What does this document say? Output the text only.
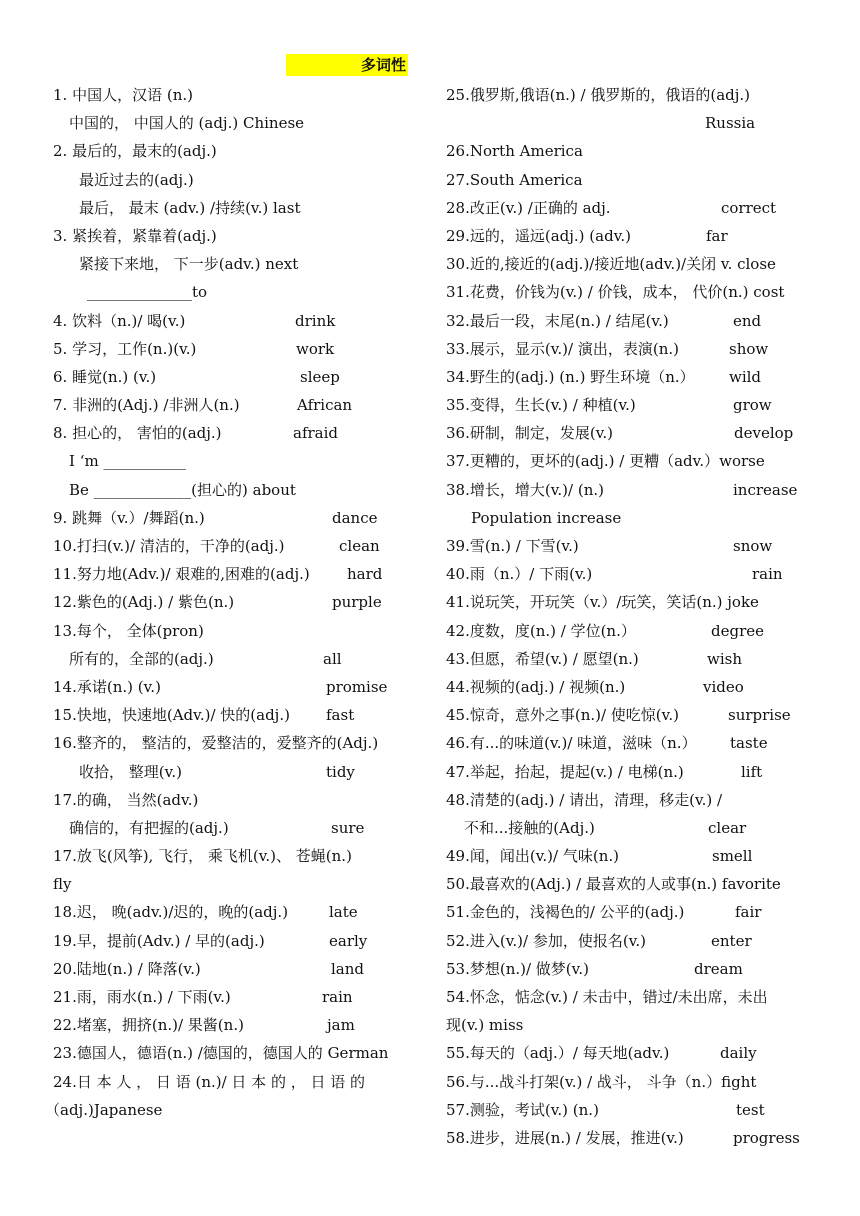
多词性
1. 中国人，汉语 (n.)
中国的， 中国人的 (adj.) Chinese
2. 最后的，最末的(adj.)
最近过去的(adj.)
最后， 最末 (adv.) /持续(v.) last
3. 紧挨着，紧靠着(adj.)
紧接下来地， 下一步(adv.) next
______________to
4. 饮料（n.)/ 喝(v.)	drink
5. 学习，工作(n.)(v.)	work
6. 睡觉(n.) (v.)	sleep
7. 非洲的(Adj.) /非洲人(n.)	African
8. 担心的， 害怕的(adj.)	afraid
I ‘m ___________
Be _____________(担心的) about
9. 跳舞（v.）/舞蹈(n.)	dance
10.打扫(v.)/ 清洁的，干净的(adj.)	clean
11.努力地(Adv.)/ 艰难的,困难的(adj.) hard
12.紫色的(Adj.) / 紫色(n.)	purple
13.每个， 全体(pron)
所有的，全部的(adj.)	all
14.承诺(n.) (v.)	promise
15.快地，快速地(Adv.)/ 快的(adj.) fast
16.整齐的， 整洁的，爱整洁的，爱整齐的(Adj.)
收拾， 整理(v.)	tidy
17.的确， 当然(adv.)
确信的，有把握的(adj.)	sure
17.放飞(风筝), 飞行， 乘飞机(v.)、 苍蝇(n.)
fly
18.迟， 晚(adv.)/迟的，晚的(adj.)	late
19.早，提前(Adv.) / 早的(adj.)	early
20.陆地(n.) / 降落(v.)	land
21.雨，雨水(n.) / 下雨(v.)	rain
22.堵塞，拥挤(n.)/ 果酱(n.)	jam
23.德国人，德语(n.) /德国的，德国人的 German
24.日 本 人 ， 日 语 (n.)/ 日 本 的 ， 日 语 的
（adj.)Japanese
25.俄罗斯,俄语(n.) / 俄罗斯的，俄语的(adj.)
Russia
26.North America
27.South America
28.改正(v.) /正确的 adj.	correct
29.远的，遥远(adj.) (adv.)	far
30.近的,接近的(adj.)/接近地(adv.)/关闭 v. close
31.花费，价钱为(v.) / 价钱，成本， 代价(n.) cost
32.最后一段，末尾(n.) / 结尾(v.)	end
33.展示，显示(v.)/ 演出，表演(n.)	show
34.野生的(adj.) (n.) 野生环境（n.） wild
35.变得，生长(v.) / 种植(v.)	grow
36.研制，制定，发展(v.)	develop
37.更糟的，更坏的(adj.) / 更糟（adv.）worse
38.增长，增大(v.)/ (n.)	increase
Population increase
39.雪(n.) / 下雪(v.)	snow
40.雨（n.）/ 下雨(v.)	rain
41.说玩笑，开玩笑（v.）/玩笑，笑话(n.) joke
42.度数，度(n.) / 学位(n.）	degree
43.但愿，希望(v.) / 愿望(n.)	wish
44.视频的(adj.) / 视频(n.)	video
45.惊奇，意外之事(n.)/ 使吃惊(v.)	surprise
46.有...的味道(v.)/ 味道，滋味（n.） taste
47.举起，抬起，提起(v.) / 电梯(n.)	lift
48.清楚的(adj.) / 请出，清理，移走(v.) /
不和...接触的(Adj.)	clear
49.闻，闻出(v.)/ 气味(n.)	smell
50.最喜欢的(Adj.) / 最喜欢的人或事(n.) favorite
51.金色的，浅褐色的/ 公平的(adj.)	fair
52.进入(v.)/ 参加，使报名(v.)	enter
53.梦想(n.)/ 做梦(v.)	dream
54.怀念，惦念(v.) / 未击中，错过/未出席，未出
现(v.) miss
55.每天的（adj.）/ 每天地(adv.)	daily
56.与...战斗打架(v.) / 战斗， 斗争（n.）fight
57.测验，考试(v.) (n.)	test
58.进步，进展(n.) / 发展，推进(v.)	progress
